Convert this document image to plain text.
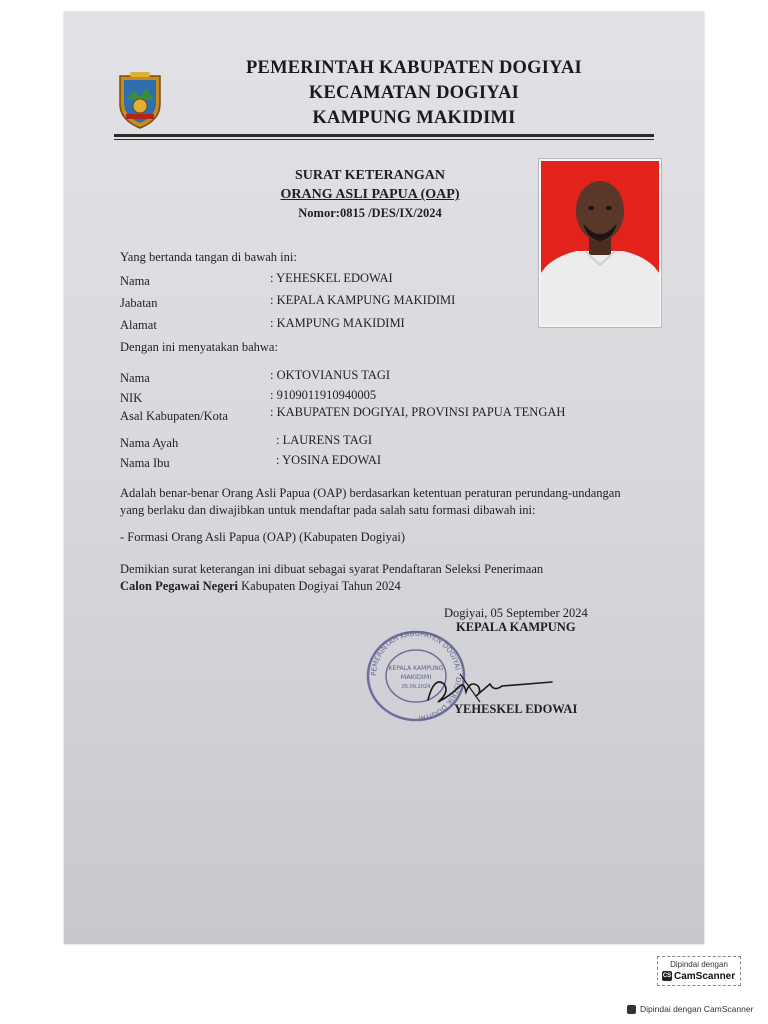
PEMERINTAH KABUPATEN DOGIYAI
KECAMATAN DOGIYAI
KAMPUNG MAKIDIMI
SURAT KETERANGAN
ORANG ASLI PAPUA (OAP)
Nomor:0815 /DES/IX/2024
Yang bertanda tangan di bawah ini:
Nama	: YEHESKEL EDOWAI
Jabatan	: KEPALA KAMPUNG MAKIDIMI
Alamat	: KAMPUNG MAKIDIMI
Dengan ini menyatakan bahwa:
Nama	: OKTOVIANUS TAGI
NIK	: 9109011910940005
Asal Kabupaten/Kota	: KABUPATEN DOGIYAI, PROVINSI PAPUA TENGAH
Nama Ayah	: LAURENS TAGI
Nama Ibu	: YOSINA EDOWAI
Adalah benar-benar Orang Asli Papua (OAP) berdasarkan ketentuan peraturan perundang-undangan
yang berlaku dan diwajibkan untuk mendaftar pada salah satu formasi dibawah ini:
- Formasi Orang Asli Papua (OAP) (Kabupaten Dogiyai)
Demikian surat keterangan ini dibuat sebagai syarat Pendaftaran Seleksi Penerimaan
Calon Pegawai Negeri Kabupaten Dogiyai Tahun 2024
Dogiyai, 05 September 2024
KEPALA KAMPUNG
PEMERINTAH KABUPATEN DOGIYAI · DISTRIK DOGIYAI
KEPALA KAMPUNG
MAKIDIMI
05.09.2024
YEHESKEL EDOWAI
Dipindai dengan
CS CamScanner
Dipindai dengan CamScanner
